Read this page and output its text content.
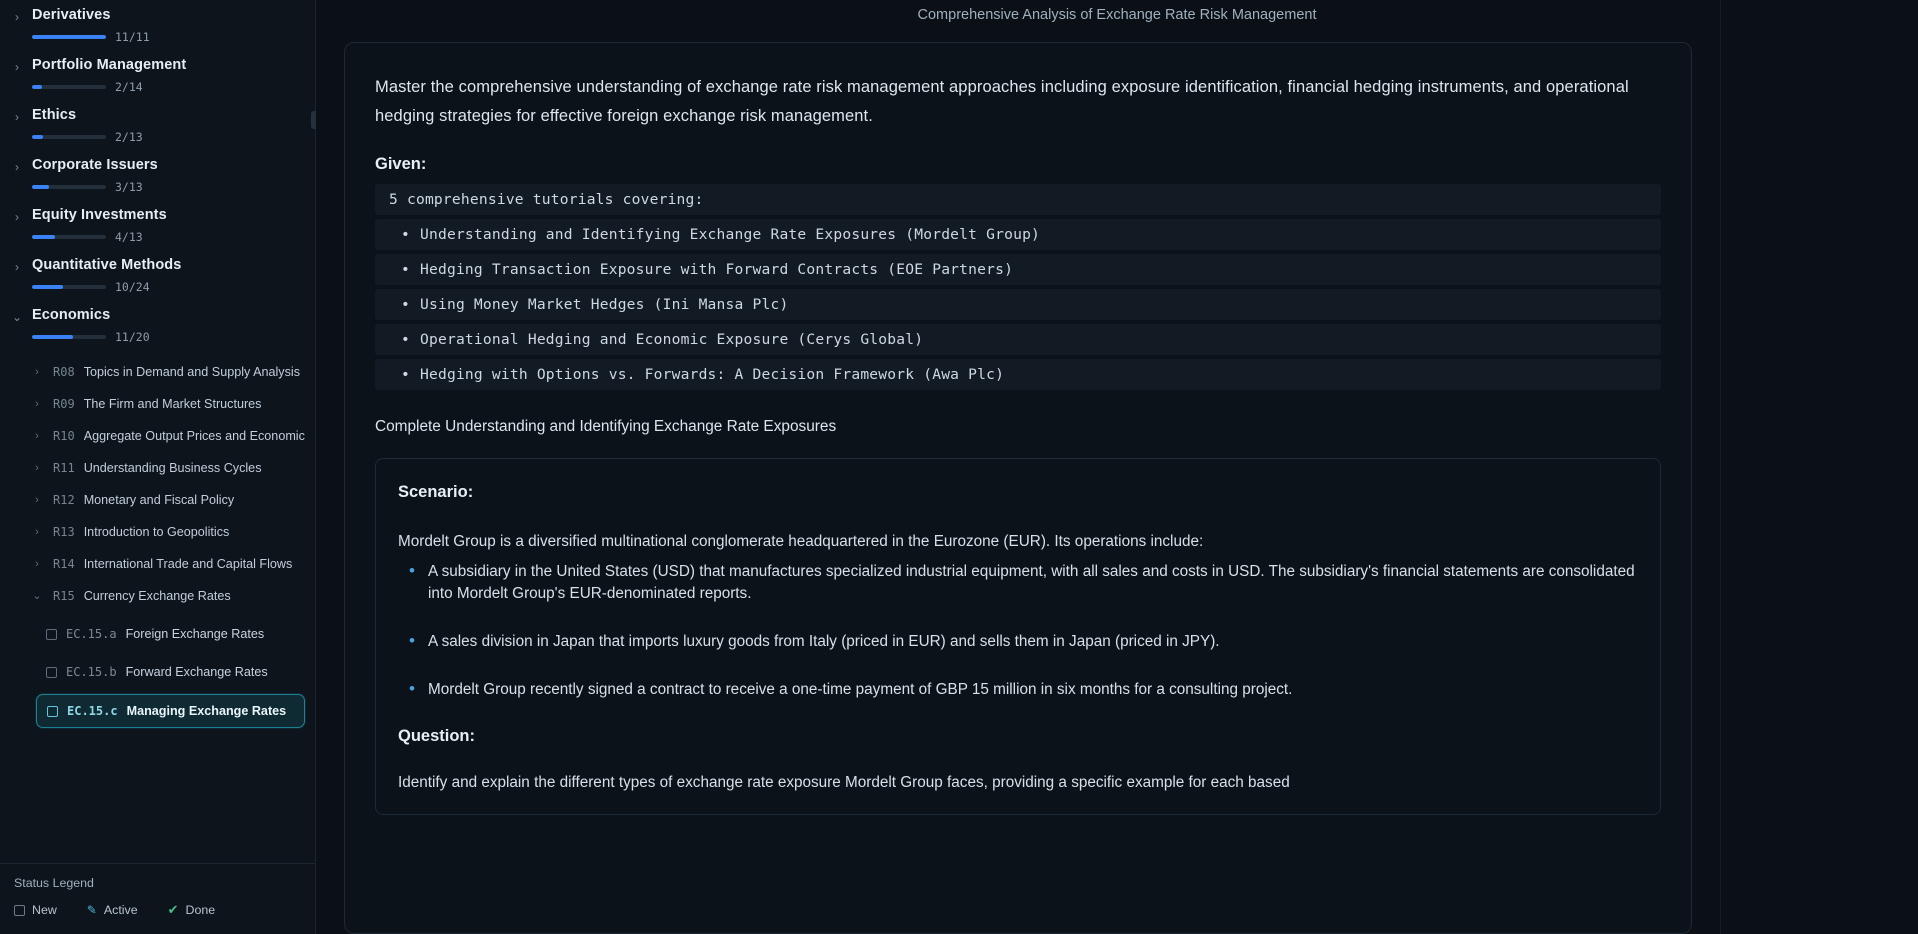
› Derivatives
11/11
› Portfolio Management
2/14
› Ethics
2/13
› Corporate Issuers
3/13
› Equity Investments
4/13
› Quantitative Methods
10/24
⌄ Economics
11/20
›	R08 Topics in Demand and Supply Analysis
›	R09 The Firm and Market Structures
›	R10 Aggregate Output Prices and Economic
›	R11 Understanding Business Cycles
›	R12 Monetary and Fiscal Policy
›	R13 Introduction to Geopolitics
›	R14 International Trade and Capital Flows
⌄ R15 Currency Exchange Rates
EC.15.a Foreign Exchange Rates
EC.15.b Forward Exchange Rates
EC.15.c Managing Exchange Rates
Status Legend
New	✎ Active ✔ Done
Comprehensive Analysis of Exchange Rate Risk Management

Master the comprehensive understanding of exchange rate risk management approaches including exposure identification, financial hedging instruments, and operational hedging strategies for effective foreign exchange risk management.

Given:
5 comprehensive tutorials covering:
• Understanding and Identifying Exchange Rate Exposures (Mordelt Group)
• Hedging Transaction Exposure with Forward Contracts (EOE Partners)
• Using Money Market Hedges (Ini Mansa Plc)
• Operational Hedging and Economic Exposure (Cerys Global)
• Hedging with Options vs. Forwards: A Decision Framework (Awa Plc)
Complete Understanding and Identifying Exchange Rate Exposures
Scenario:

Mordelt Group is a diversified multinational conglomerate headquartered in the Eurozone (EUR). Its operations include:

• A subsidiary in the United States (USD) that manufactures specialized industrial equipment, with all sales and costs in USD. The subsidiary's financial statements are consolidated into Mordelt Group's EUR-denominated reports.
• A sales division in Japan that imports luxury goods from Italy (priced in EUR) and sells them in Japan (priced in JPY).
• Mordelt Group recently signed a contract to receive a one-time payment of GBP 15 million in six months for a consulting project.
Question:
Identify and explain the different types of exchange rate exposure Mordelt Group faces, providing a specific example for each based
